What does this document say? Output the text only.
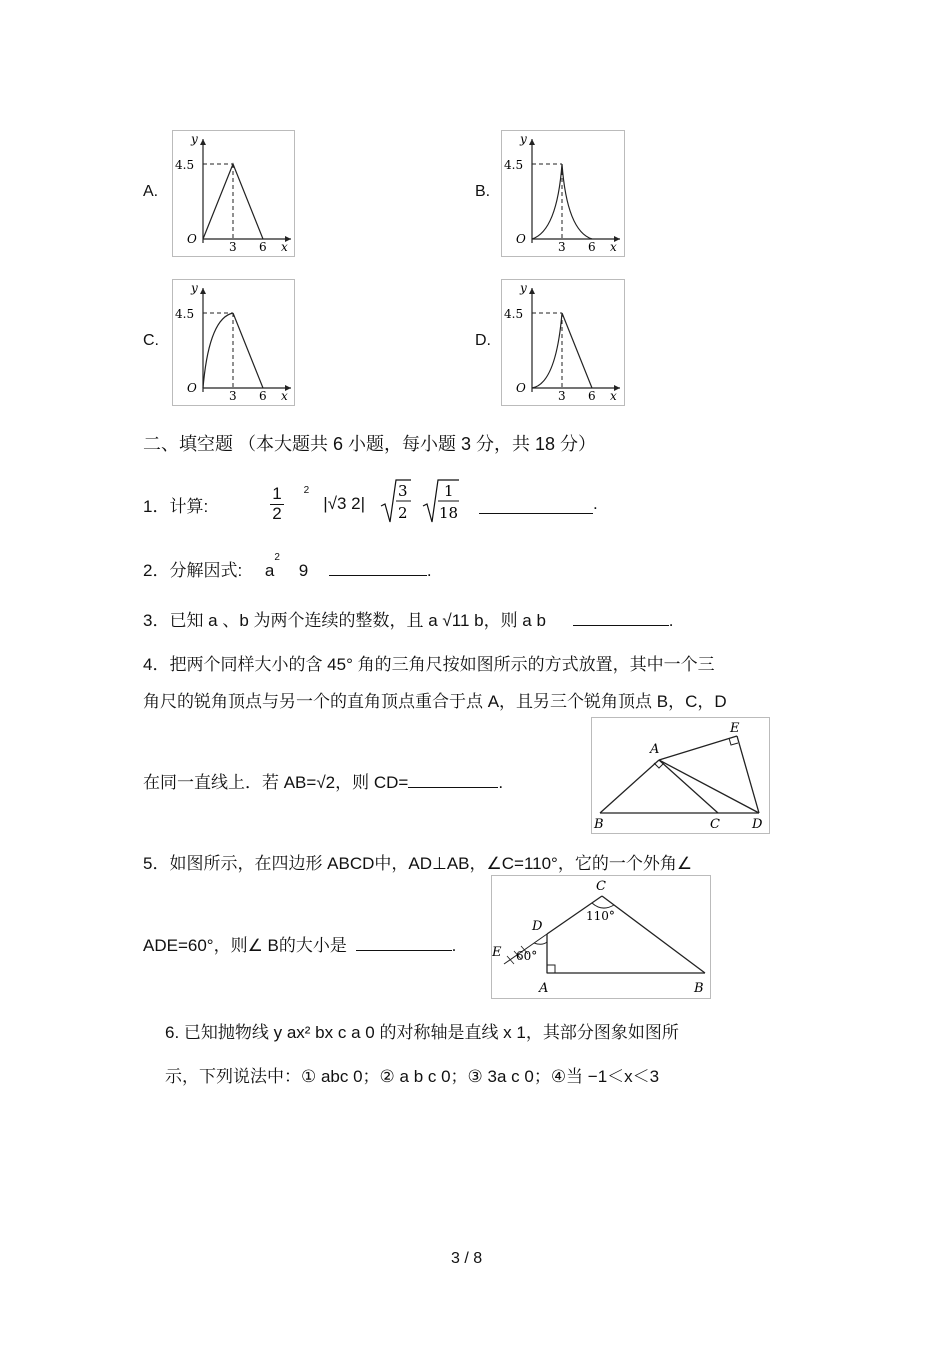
A.
y
4.5
O
3 6 x
B.
y
4.5
O
3 6 x
C.
y
4.5
O
3 6 x
D.
y
4.5
O
3 6 x
二、填空题 （本大题共 6 小题，每小题 3 分，共 18 分）
1．计算:	$\frac{1}{2} 2$
|√3 2|
3
2
1
18	.
2．分解因式: $a^2$ 9	.
3．已知 a 、b 为两个连续的整数，且 a √11 b，则 a b	.
4．把两个同样大小的含 45° 角的三角尺按如图所示的方式放置，其中一个三
角尺的锐角顶点与另一个的直角顶点重合于点 A，且另三个锐角顶点 B，C，D
在同一直线上．若 AB=√2，则 CD=	.
A
E
B	C D
5．如图所示，在四边形 ABCD中，AD⊥AB，∠C=110°，它的一个外角∠
ADE=60°，则∠ B的大小是	.
C
110°
D
60°
E
A	B
6. 已知抛物线 y ax² bx c a 0 的对称轴是直线 x 1，其部分图象如图所
示，下列说法中：① abc 0；② a b c 0；③ 3a c 0；④当 −1＜x＜3
3 / 8
